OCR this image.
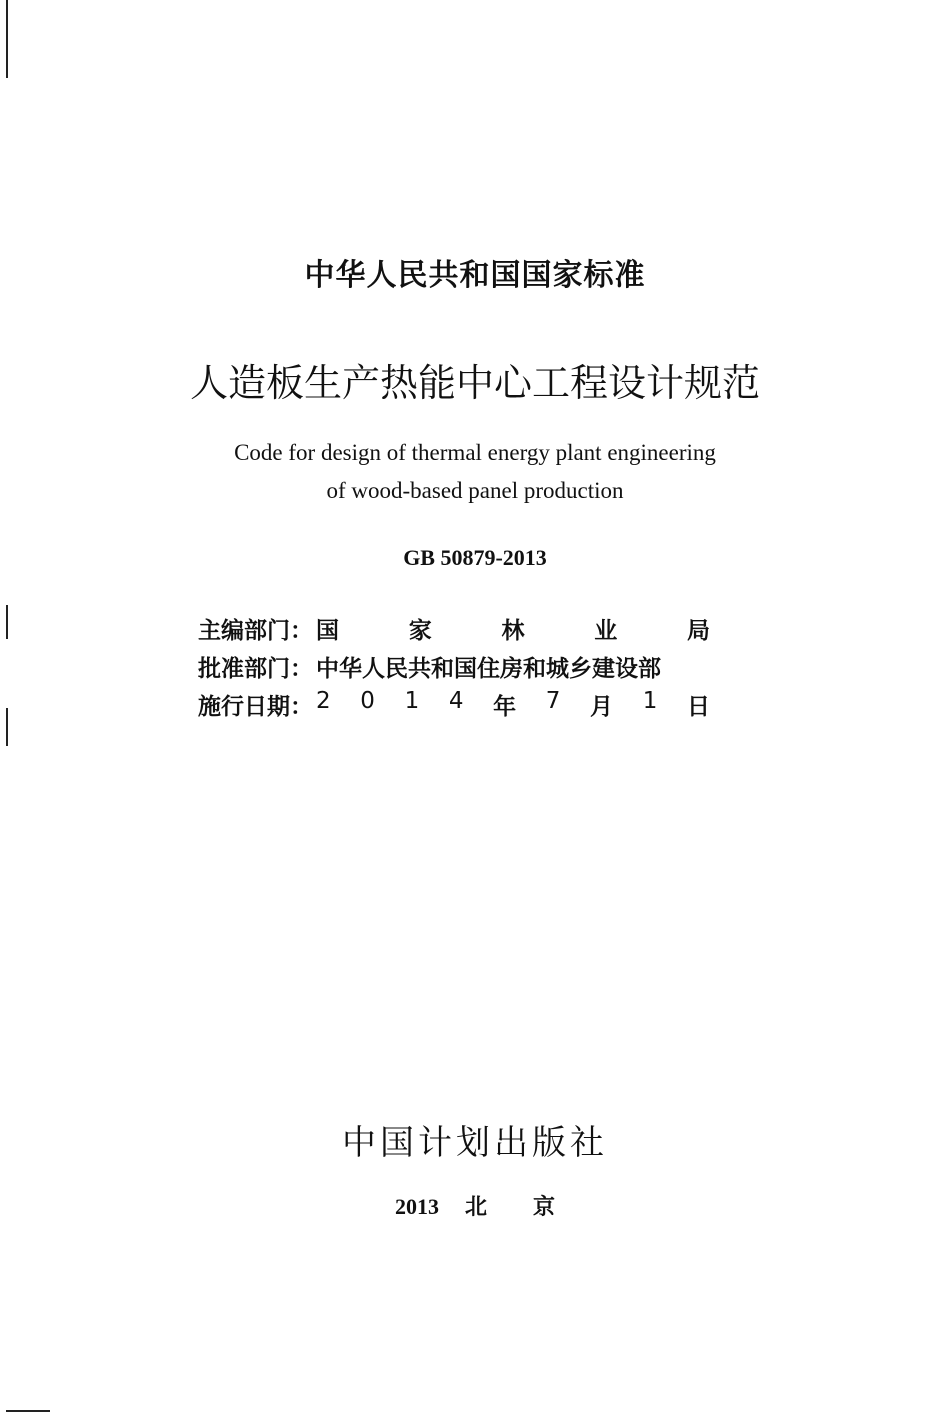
中华人民共和国国家标准
人造板生产热能中心工程设计规范
Code for design of thermal energy plant engineering
of wood-based panel production
GB 50879-2013
主编部门： 国	家	林	业	局
批准部门： 中华人民共和国住房和城乡建设部
施行日期： 2 0 1 4 年 7 月 1 日
中国计划出版社
2013 北 京
